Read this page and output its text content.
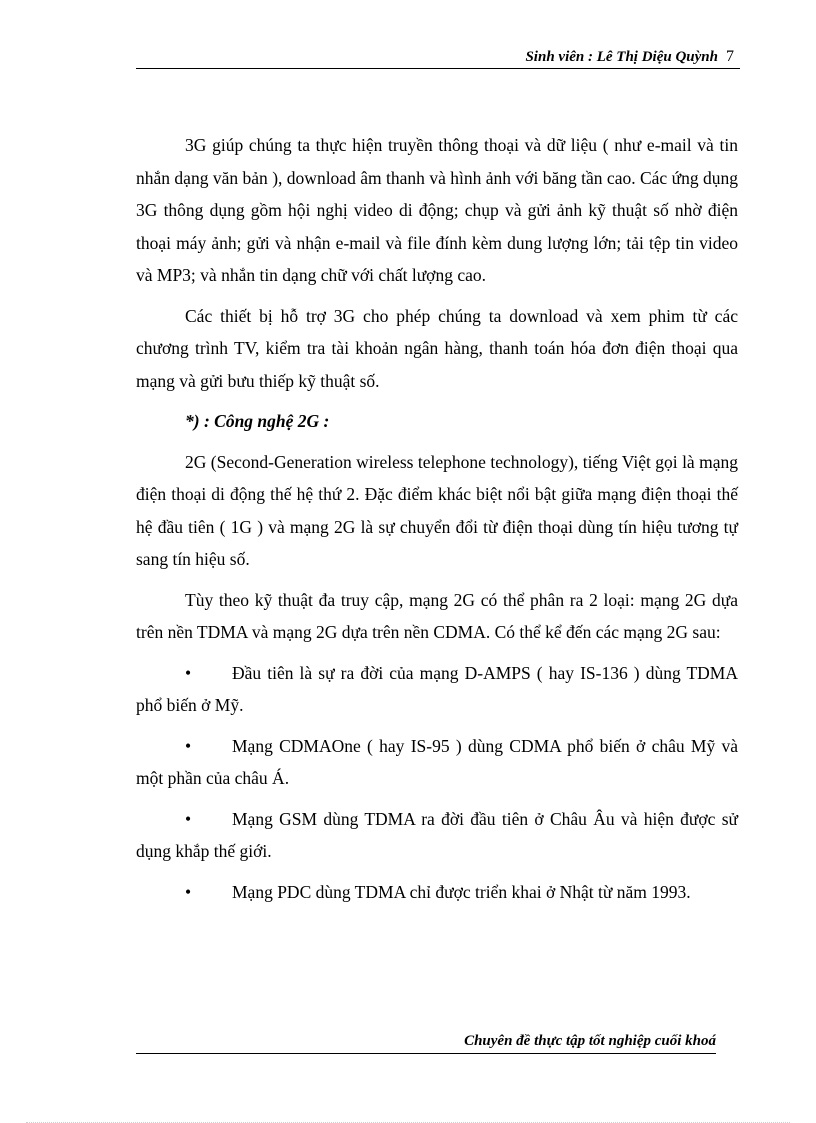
Sinh viên : Lê Thị Diệu Quỳnh 7

3G giúp chúng ta thực hiện truyền thông thoại và dữ liệu ( như e-mail và tin nhắn dạng văn bản ), download âm thanh và hình ảnh với băng tần cao. Các ứng dụng 3G thông dụng gồm hội nghị video di động; chụp và gửi ảnh kỹ thuật số nhờ điện thoại máy ảnh; gửi và nhận e-mail và file đính kèm dung lượng lớn; tải tệp tin video và MP3; và nhắn tin dạng chữ với chất lượng cao.

Các thiết bị hỗ trợ 3G cho phép chúng ta download và xem phim từ các chương trình TV, kiểm tra tài khoản ngân hàng, thanh toán hóa đơn điện thoại qua mạng và gửi bưu thiếp kỹ thuật số.

*) : Công nghệ 2G :

2G (Second-Generation wireless telephone technology), tiếng Việt gọi là mạng điện thoại di động thế hệ thứ 2. Đặc điểm khác biệt nổi bật giữa mạng điện thoại thế hệ đầu tiên ( 1G ) và mạng 2G là sự chuyển đổi từ điện thoại dùng tín hiệu tương tự sang tín hiệu số.

Tùy theo kỹ thuật đa truy cập, mạng 2G có thể phân ra 2 loại: mạng 2G dựa trên nền TDMA và mạng 2G dựa trên nền CDMA. Có thể kể đến các mạng 2G sau:

• Đầu tiên là sự ra đời của mạng D-AMPS ( hay IS-136 ) dùng TDMA phổ biến ở Mỹ.

• Mạng CDMAOne ( hay IS-95 ) dùng CDMA phổ biến ở châu Mỹ và một phần của châu Á.

• Mạng GSM dùng TDMA ra đời đầu tiên ở Châu Âu và hiện được sử dụng khắp thế giới.

• Mạng PDC dùng TDMA chỉ được triển khai ở Nhật từ năm 1993.

Chuyên đề thực tập tốt nghiệp cuối khoá
